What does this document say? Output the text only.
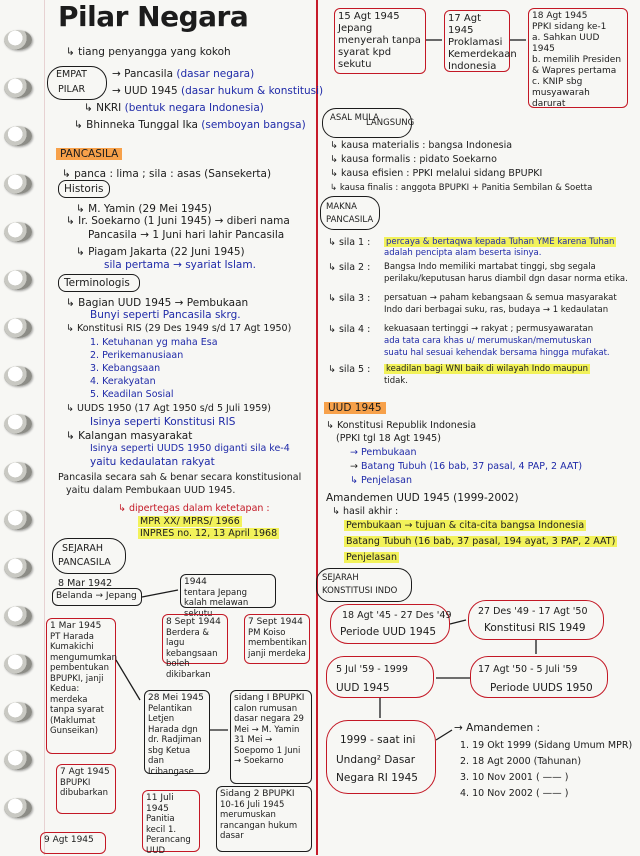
Pilar Negara
↳ tiang penyangga yang kokoh
EMPAT
PILAR
→ Pancasila (dasar negara)
→ UUD 1945 (dasar hukum & konstitusi)
↳ NKRI (bentuk negara Indonesia)
↳ Bhinneka Tunggal Ika (semboyan bangsa)
PANCASILA
↳ panca : lima ; sila : asas (Sansekerta)
Historis
↳ M. Yamin (29 Mei 1945)
↳ Ir. Soekarno (1 Juni 1945) → diberi nama
Pancasila → 1 Juni hari lahir Pancasila
↳ Piagam Jakarta (22 Juni 1945)
sila pertama → syariat Islam.
Terminologis
↳ Bagian UUD 1945 → Pembukaan
Bunyi seperti Pancasila skrg.
↳ Konstitusi RIS (29 Des 1949 s/d 17 Agt 1950)
1. Ketuhanan yg maha Esa
2. Perikemanusiaan
3. Kebangsaan
4. Kerakyatan
5. Keadilan Sosial
↳ UUDS 1950 (17 Agt 1950 s/d 5 Juli 1959)
Isinya seperti Konstitusi RIS
↳ Kalangan masyarakat
Isinya seperti UUDS 1950 diganti sila ke-4
yaitu kedaulatan rakyat
Pancasila secara sah & benar secara konstitusional
yaitu dalam Pembukaan UUD 1945.
↳ dipertegas dalam ketetapan :
MPR XX/ MPRS/ 1966
INPRES no. 12, 13 April 1968
SEJARAH
PANCASILA
8 Mar 1942
Belanda → Jepang
1944
tentara Jepang kalah melawan sekutu
1 Mar 1945
PT Harada Kumakichi mengumumkan pembentukan BPUPKI, janji Kedua: merdeka tanpa syarat (Maklumat Gunseikan)
8 Sept 1944
Berdera & lagu kebangsaan boleh dikibarkan
7 Sept 1944
PM Koiso membentikan janji merdeka
28 Mei 1945
Pelantikan Letjen Harada dgn dr. Radjiman sbg Ketua dan Icibangase
sidang I BPUPKI
calon rumusan dasar negara 29 Mei → M. Yamin 31 Mei → Soepomo 1 Juni → Soekarno
7 Agt 1945
BPUPKI dibubarkan	11 Juli 1945
Panitia kecil 1. Perancang UUD
Sidang 2 BPUPKI
10-16 Juli 1945 merumuskan rancangan hukum dasar
9 Agt 1945
15 Agt 1945
Jepang menyerah tanpa syarat kpd sekutu
17 Agt 1945
Proklamasi Kemerdekaan Indonesia
18 Agt 1945
PPKI sidang ke-1
a. Sahkan UUD 1945
b. memilih Presiden & Wapres pertama
c. KNIP sbg musyawarah darurat
ASAL MULA
LANGSUNG
↳ kausa materialis : bangsa Indonesia
↳ kausa formalis : pidato Soekarno
↳ kausa efisien : PPKI melalui sidang BPUPKI
↳ kausa finalis : anggota BPUPKI + Panitia Sembilan & Soetta
MAKNA
PANCASILA
↳ sila 1 : percaya & bertaqwa kepada Tuhan YME karena Tuhan
adalah pencipta alam beserta isinya.
↳ sila 2 : Bangsa Indo memiliki martabat tinggi, sbg segala
perilaku/keputusan harus diambil dgn dasar norma etika.
↳ sila 3 : persatuan → paham kebangsaan & semua masyarakat
Indo dari berbagai suku, ras, budaya → 1 kedaulatan
↳ sila 4 : kekuasaan tertinggi → rakyat ; permusyawaratan
ada tata cara khas u/ merumuskan/memutuskan
suatu hal sesuai kehendak bersama hingga mufakat.
↳ sila 5 : keadilan bagi WNI baik di wilayah Indo maupun
tidak.
UUD 1945
↳ Konstitusi Republik Indonesia
(PPKI tgl 18 Agt 1945)
→ Pembukaan
→ Batang Tubuh (16 bab, 37 pasal, 4 PAP, 2 AAT)
↳ Penjelasan
Amandemen UUD 1945 (1999-2002)
↳ hasil akhir :
Pembukaan → tujuan & cita-cita bangsa Indonesia
Batang Tubuh (16 bab, 37 pasal, 194 ayat, 3 PAP, 2 AAT)
Penjelasan
SEJARAH
KONSTITUSI INDO
18 Agt '45 - 27 Des '49
Periode UUD 1945
27 Des '49 - 17 Agt '50
Konstitusi RIS 1949
5 Jul '59 - 1999
UUD 1945
17 Agt '50 - 5 Juli '59
Periode UUDS 1950
1999 - saat ini
Undang² Dasar
Negara RI 1945
→ Amandemen :
1. 19 Okt 1999 (Sidang Umum MPR)
2. 18 Agt 2000 (Tahunan)
3. 10 Nov 2001 ( —— )
4. 10 Nov 2002 ( —— )
